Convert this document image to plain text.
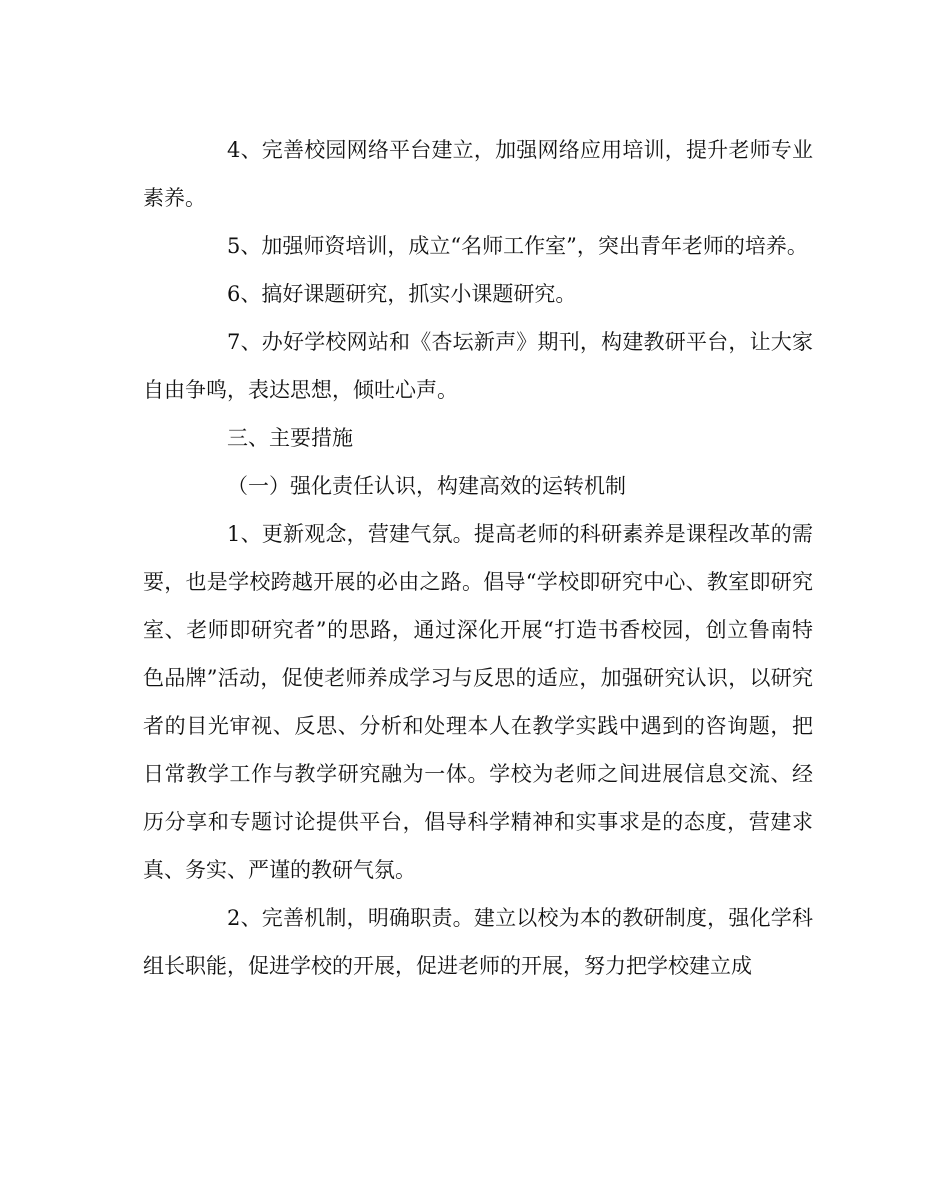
4、完善校园网络平台建立，加强网络应用培训，提升老师专业素养。

5、加强师资培训，成立“名师工作室”，突出青年老师的培养。

6、搞好课题研究，抓实小课题研究。

7、办好学校网站和《杏坛新声》期刊，构建教研平台，让大家自由争鸣，表达思想，倾吐心声。

三、主要措施

（一）强化责任认识，构建高效的运转机制

1、更新观念，营建气氛。提高老师的科研素养是课程改革的需要，也是学校跨越开展的必由之路。倡导“学校即研究中心、教室即研究室、老师即研究者”的思路，通过深化开展“打造书香校园，创立鲁南特色品牌”活动，促使老师养成学习与反思的适应，加强研究认识，以研究者的目光审视、反思、分析和处理本人在教学实践中遇到的咨询题，把日常教学工作与教学研究融为一体。学校为老师之间进展信息交流、经历分享和专题讨论提供平台，倡导科学精神和实事求是的态度，营建求真、务实、严谨的教研气氛。

2、完善机制，明确职责。建立以校为本的教研制度，强化学科组长职能，促进学校的开展，促进老师的开展，努力把学校建立成
